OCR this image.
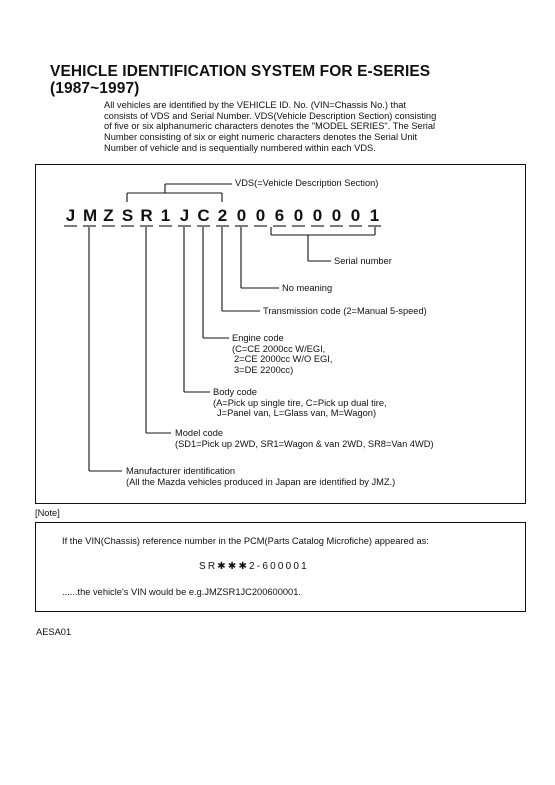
VEHICLE IDENTIFICATION SYSTEM FOR E-SERIES
(1987~1997)
All vehicles are identified by the VEHICLE ID. No. (VIN=Chassis No.) that
consists of VDS and Serial Number. VDS(Vehicle Description Section) consisting
of five or six alphanumeric characters denotes the "MODEL SERIES". The Serial
Number consisting of six or eight numeric characters denotes the Serial Unit
Number of vehicle and is sequentially numbered within each VDS.
J M Z S R 1 J C 2 0 0 6 0 0 0 0 1
VDS(=Vehicle Description Section)
Serial number
No meaning
Transmission code (2=Manual 5-speed)
Engine code
(C=CE 2000cc W/EGI,
2=CE 2000cc W/O EGI,
3=DE 2200cc)
Body code
(A=Pick up single tire, C=Pick up dual tire,
J=Panel van, L=Glass van, M=Wagon)
Model code
(SD1=Pick up 2WD, SR1=Wagon & van 2WD, SR8=Van 4WD)
Manufacturer identification
(All the Mazda vehicles produced in Japan are identified by JMZ.)
[Note]
If the VIN(Chassis) reference number in the PCM(Parts Catalog Microfiche) appeared as:
SR✱✱✱2-600001
......the vehicle's VIN would be e.g.JMZSR1JC200600001.
AESA01
